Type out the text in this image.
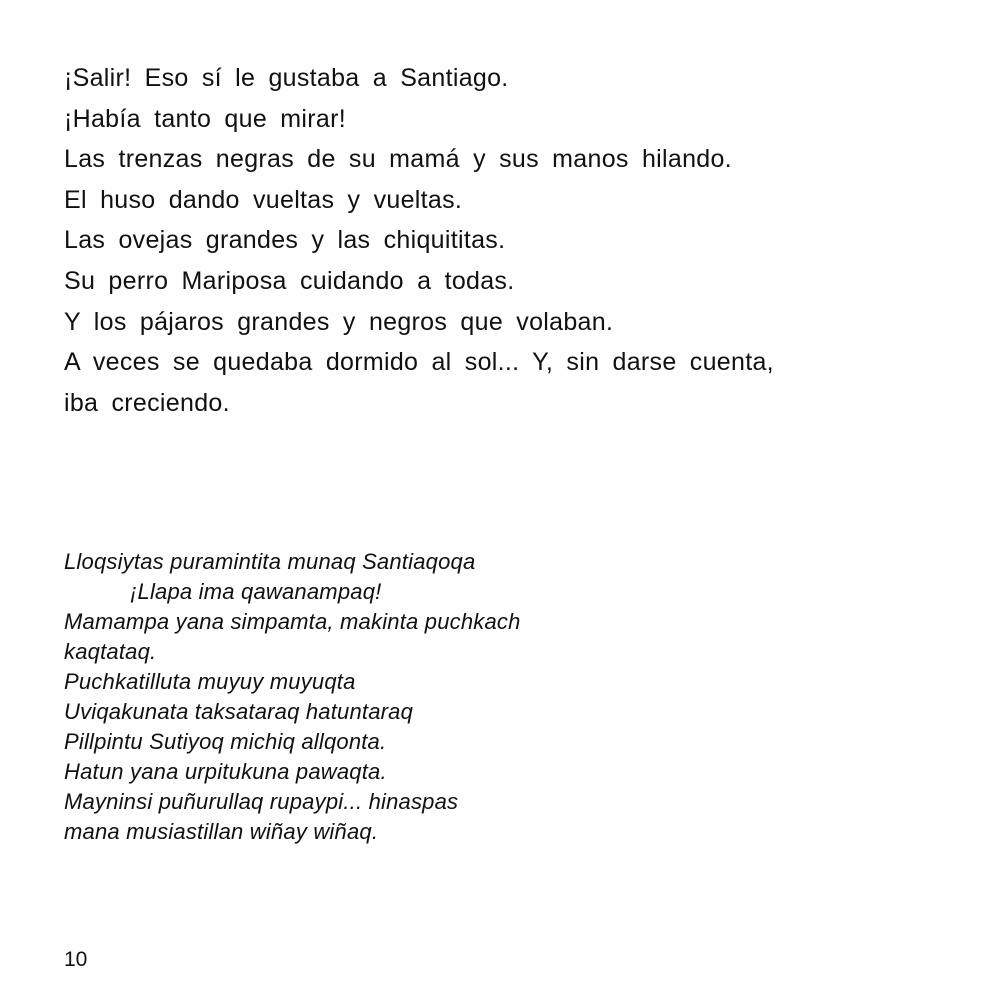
¡Salir! Eso sí le gustaba a Santiago.
¡Había tanto que mirar!
Las trenzas negras de su mamá y sus manos hilando.
El huso dando vueltas y vueltas.
Las ovejas grandes y las chiquititas.
Su perro Mariposa cuidando a todas.
Y los pájaros grandes y negros que volaban.
A veces se quedaba dormido al sol... Y, sin darse cuenta,
iba creciendo.
Lloqsiytas puramintita munaq Santiaqoqa
¡Llapa ima qawanampaq!
Mamampa yana simpamta, makinta puchkach
kaqtataq.
Puchkatilluta muyuy muyuqta
Uviqakunata taksataraq hatuntaraq
Pillpintu Sutiyoq michiq allqonta.
Hatun yana urpitukuna pawaqta.
Mayninsi puñurullaq rupaypi... hinaspas
mana musiastillan wiñay wiñaq.
10
